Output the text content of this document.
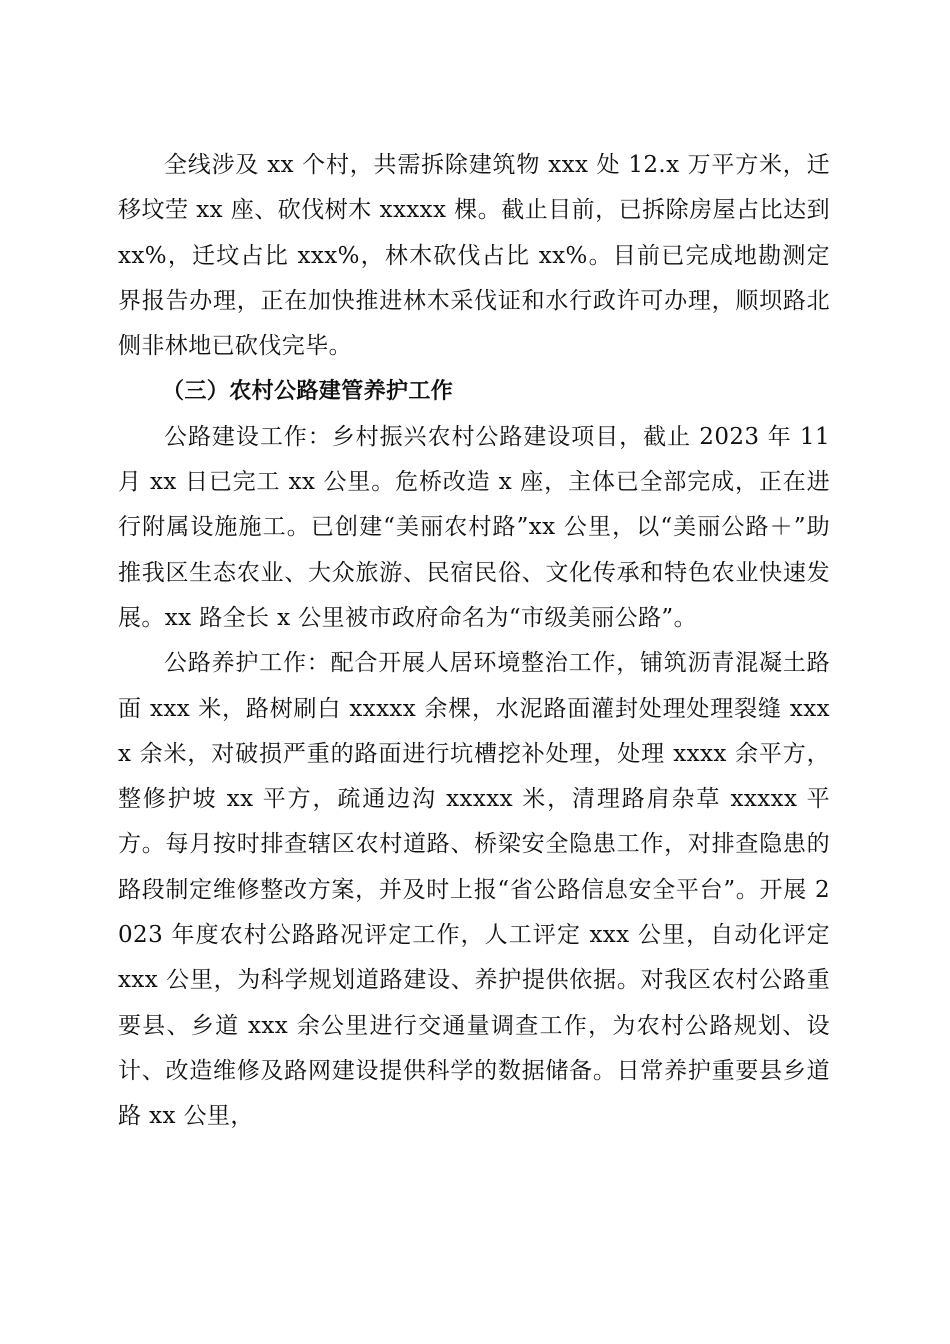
全线涉及 xx 个村，共需拆除建筑物 xxx 处 12.x 万平方米，迁移坟茔 xx 座、砍伐树木 xxxxx 棵。截止目前，已拆除房屋占比达到 xx%，迁坟占比 xxx%，林木砍伐占比 xx%。目前已完成地勘测定界报告办理，正在加快推进林木采伐证和水行政许可办理，顺坝路北侧非林地已砍伐完毕。

（三）农村公路建管养护工作

公路建设工作：乡村振兴农村公路建设项目，截止 2023 年 11 月 xx 日已完工 xx 公里。危桥改造 x 座，主体已全部完成，正在进行附属设施施工。已创建“美丽农村路”xx 公里，以“美丽公路＋”助推我区生态农业、大众旅游、民宿民俗、文化传承和特色农业快速发展。xx 路全长 x 公里被市政府命名为“市级美丽公路”。

公路养护工作：配合开展人居环境整治工作，铺筑沥青混凝土路面 xxx 米，路树刷白 xxxxx 余棵，水泥路面灌封处理处理裂缝 xxxx 余米，对破损严重的路面进行坑槽挖补处理，处理 xxxx 余平方，整修护坡 xx 平方，疏通边沟 xxxxx 米，清理路肩杂草 xxxxx 平方。每月按时排查辖区农村道路、桥梁安全隐患工作，对排查隐患的路段制定维修整改方案，并及时上报“省公路信息安全平台”。开展 2023 年度农村公路路况评定工作，人工评定 xxx 公里，自动化评定 xxx 公里，为科学规划道路建设、养护提供依据。对我区农村公路重要县、乡道 xxx 余公里进行交通量调查工作，为农村公路规划、设计、改造维修及路网建设提供科学的数据储备。日常养护重要县乡道路 xx 公里，
